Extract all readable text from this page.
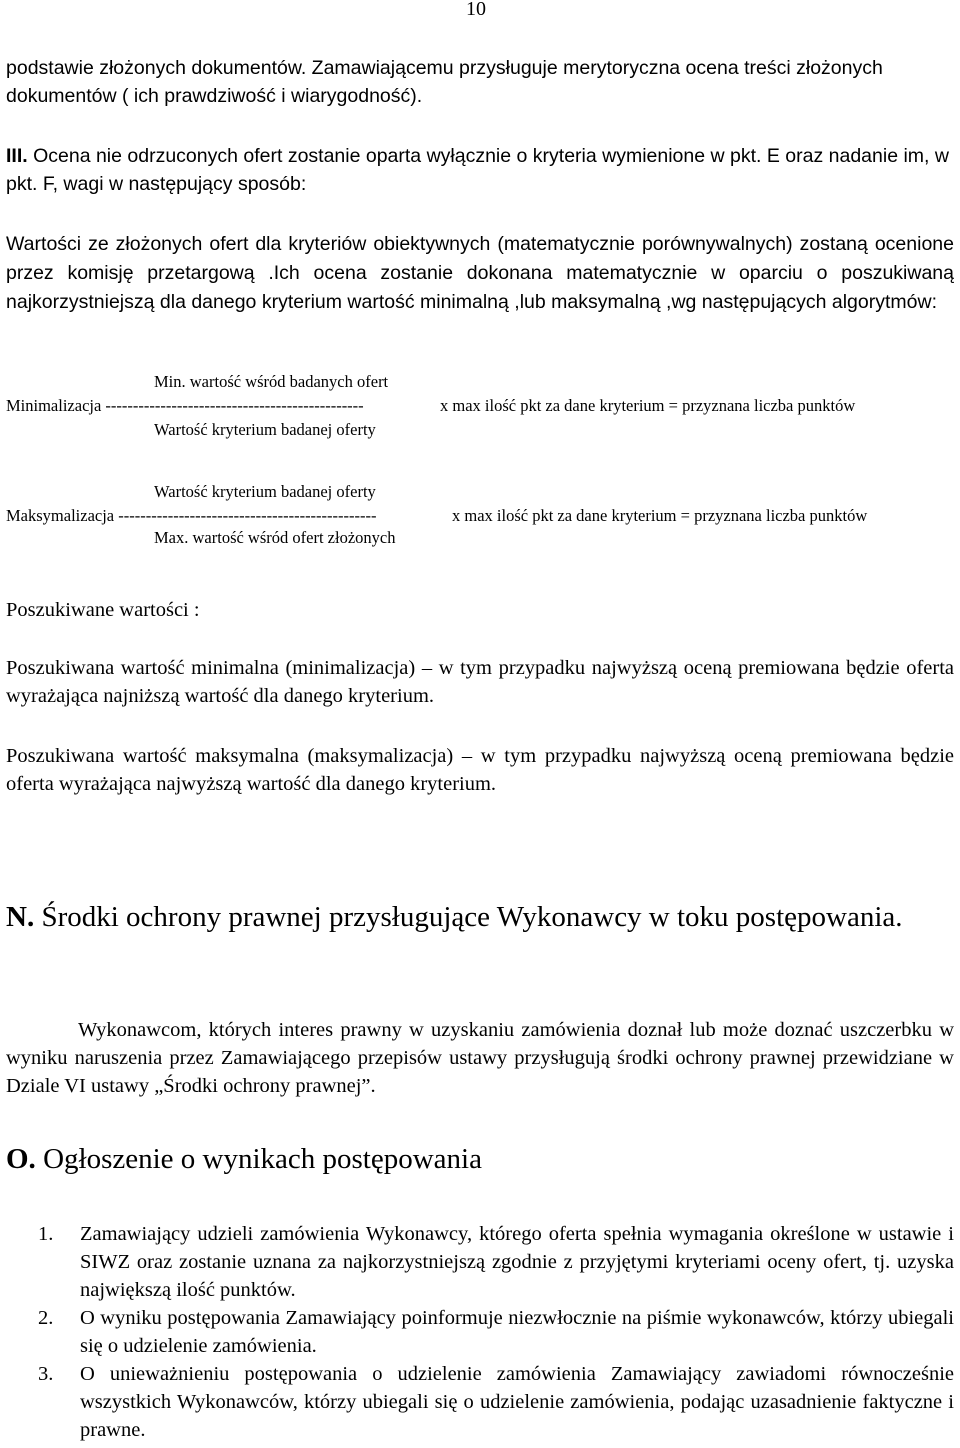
10

podstawie złożonych dokumentów. Zamawiającemu przysługuje merytoryczna ocena treści złożonych dokumentów ( ich prawdziwość i wiarygodność).

III. Ocena nie odrzuconych ofert zostanie oparta wyłącznie o kryteria wymienione w pkt. E oraz nadanie im, w pkt. F, wagi w następujący sposób:

Wartości ze złożonych ofert dla kryteriów obiektywnych (matematycznie porównywalnych) zostaną ocenione przez komisję przetargową .Ich ocena zostanie dokonana matematycznie w oparciu o poszukiwaną najkorzystniejszą dla danego kryterium wartość minimalną ,lub maksymalną ,wg następujących algorytmów:

Min. wartość wśród badanych ofert
Minimalizacja -----------------------------------------------	x max ilość pkt za dane kryterium = przyznana liczba punktów
Wartość kryterium badanej oferty
Wartość kryterium badanej oferty
Maksymalizacja -----------------------------------------------	x max ilość pkt za dane kryterium = przyznana liczba punktów
Max. wartość wśród ofert złożonych

Poszukiwane wartości :

Poszukiwana wartość minimalna (minimalizacja) – w tym przypadku najwyższą oceną premiowana będzie oferta wyrażająca najniższą wartość dla danego kryterium.

Poszukiwana wartość maksymalna (maksymalizacja) – w tym przypadku najwyższą oceną premiowana będzie oferta wyrażająca najwyższą wartość dla danego kryterium.

N. Środki ochrony prawnej przysługujące Wykonawcy w toku postępowania.

Wykonawcom, których interes prawny w uzyskaniu zamówienia doznał lub może doznać uszczerbku w wyniku naruszenia przez Zamawiającego przepisów ustawy przysługują środki ochrony prawnej przewidziane w Dziale VI ustawy „Środki ochrony prawnej”.

O. Ogłoszenie o wynikach postępowania
1. Zamawiający udzieli zamówienia Wykonawcy, którego oferta spełnia wymagania określone w ustawie i SIWZ oraz zostanie uznana za najkorzystniejszą zgodnie z przyjętymi kryteriami oceny ofert, tj. uzyska największą ilość punktów.
2. O wyniku postępowania Zamawiający poinformuje niezwłocznie na piśmie wykonawców, którzy ubiegali się o udzielenie zamówienia.
3. O unieważnieniu postępowania o udzielenie zamówienia Zamawiający zawiadomi równocześnie wszystkich Wykonawców, którzy ubiegali się o udzielenie zamówienia, podając uzasadnienie faktyczne i prawne.
